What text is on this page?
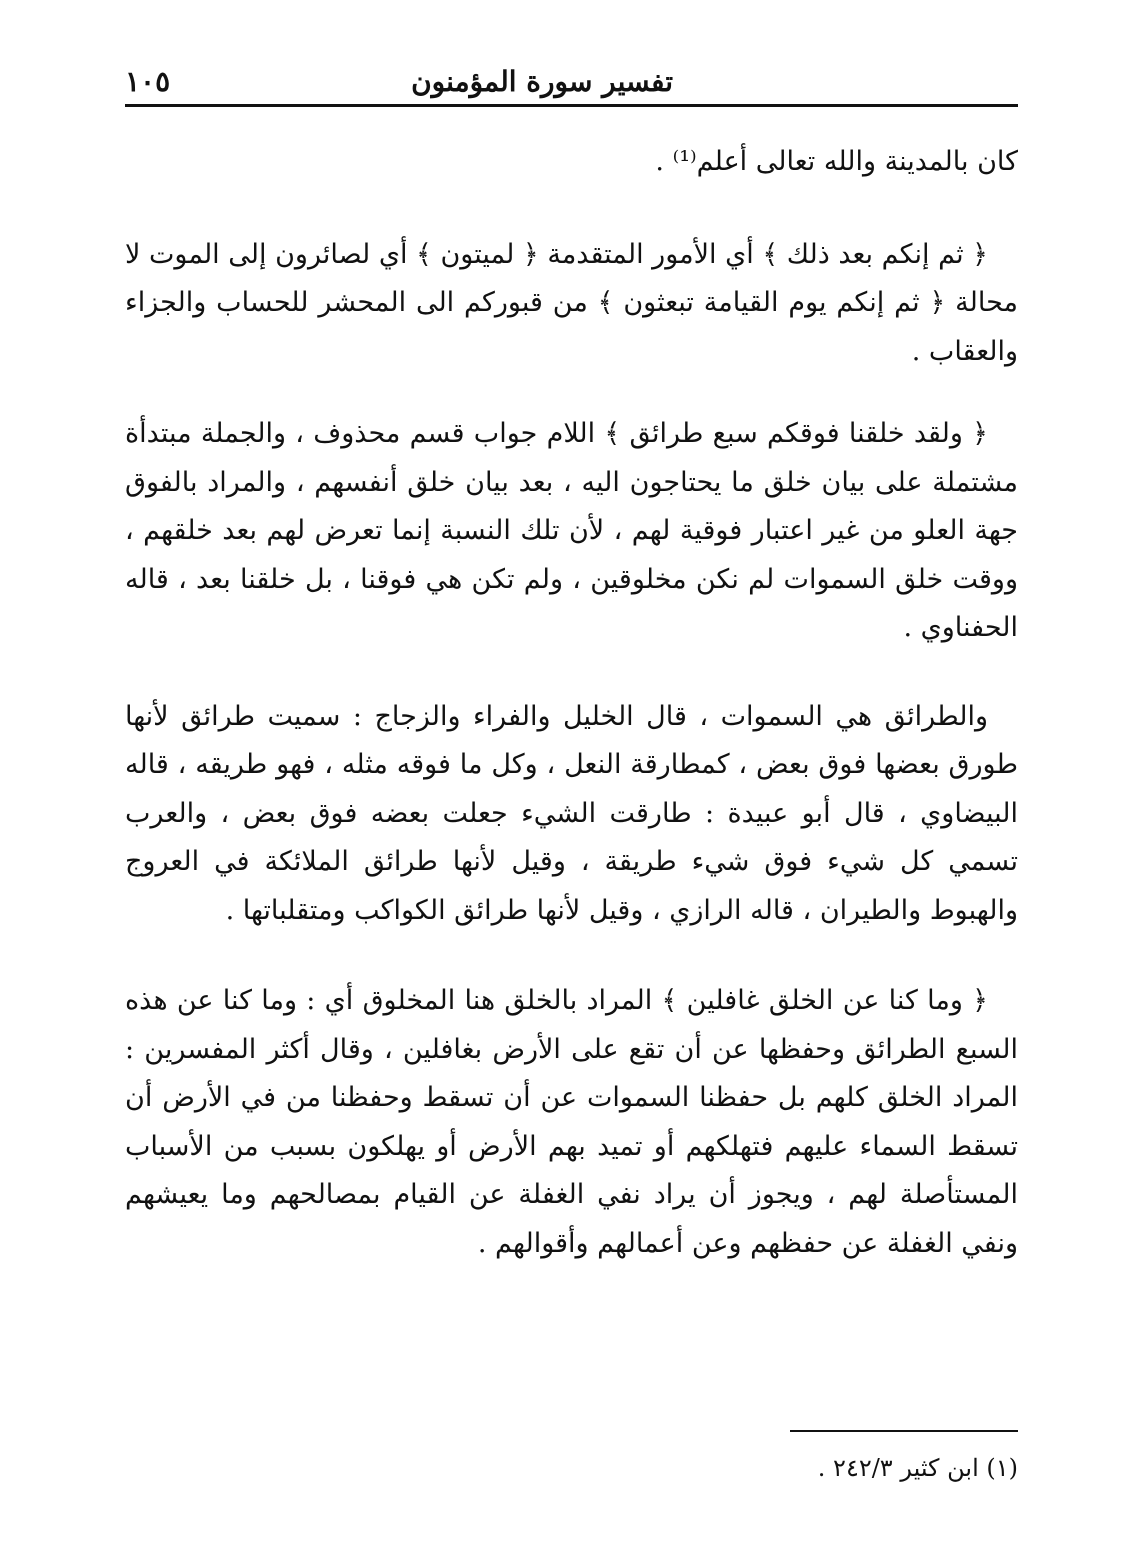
تفسير سورة المؤمنون
١٠٥

كان بالمدينة والله تعالى أعلم⁽¹⁾ .

﴿ ثم إنكم بعد ذلك ﴾ أي الأمور المتقدمة ﴿ لميتون ﴾ أي لصائرون إلى الموت لا محالة ﴿ ثم إنكم يوم القيامة تبعثون ﴾ من قبوركم الى المحشر للحساب والجزاء والعقاب .

﴿ ولقد خلقنا فوقكم سبع طرائق ﴾ اللام جواب قسم محذوف ، والجملة مبتدأة مشتملة على بيان خلق ما يحتاجون اليه ، بعد بيان خلق أنفسهم ، والمراد بالفوق جهة العلو من غير اعتبار فوقية لهم ، لأن تلك النسبة إنما تعرض لهم بعد خلقهم ، ووقت خلق السموات لم نكن مخلوقين ، ولم تكن هي فوقنا ، بل خلقنا بعد ، قاله الحفناوي .

والطرائق هي السموات ، قال الخليل والفراء والزجاج : سميت طرائق لأنها طورق بعضها فوق بعض ، كمطارقة النعل ، وكل ما فوقه مثله ، فهو طريقه ، قاله البيضاوي ، قال أبو عبيدة : طارقت الشيء جعلت بعضه فوق بعض ، والعرب تسمي كل شيء فوق شيء طريقة ، وقيل لأنها طرائق الملائكة في العروج والهبوط والطيران ، قاله الرازي ، وقيل لأنها طرائق الكواكب ومتقلباتها .

﴿ وما كنا عن الخلق غافلين ﴾ المراد بالخلق هنا المخلوق أي : وما كنا عن هذه السبع الطرائق وحفظها عن أن تقع على الأرض بغافلين ، وقال أكثر المفسرين : المراد الخلق كلهم بل حفظنا السموات عن أن تسقط وحفظنا من في الأرض أن تسقط السماء عليهم فتهلكهم أو تميد بهم الأرض أو يهلكون بسبب من الأسباب المستأصلة لهم ، ويجوز أن يراد نفي الغفلة عن القيام بمصالحهم وما يعيشهم ونفي الغفلة عن حفظهم وعن أعمالهم وأقوالهم .

(١) ابن كثير ٢٤٢/٣ .
